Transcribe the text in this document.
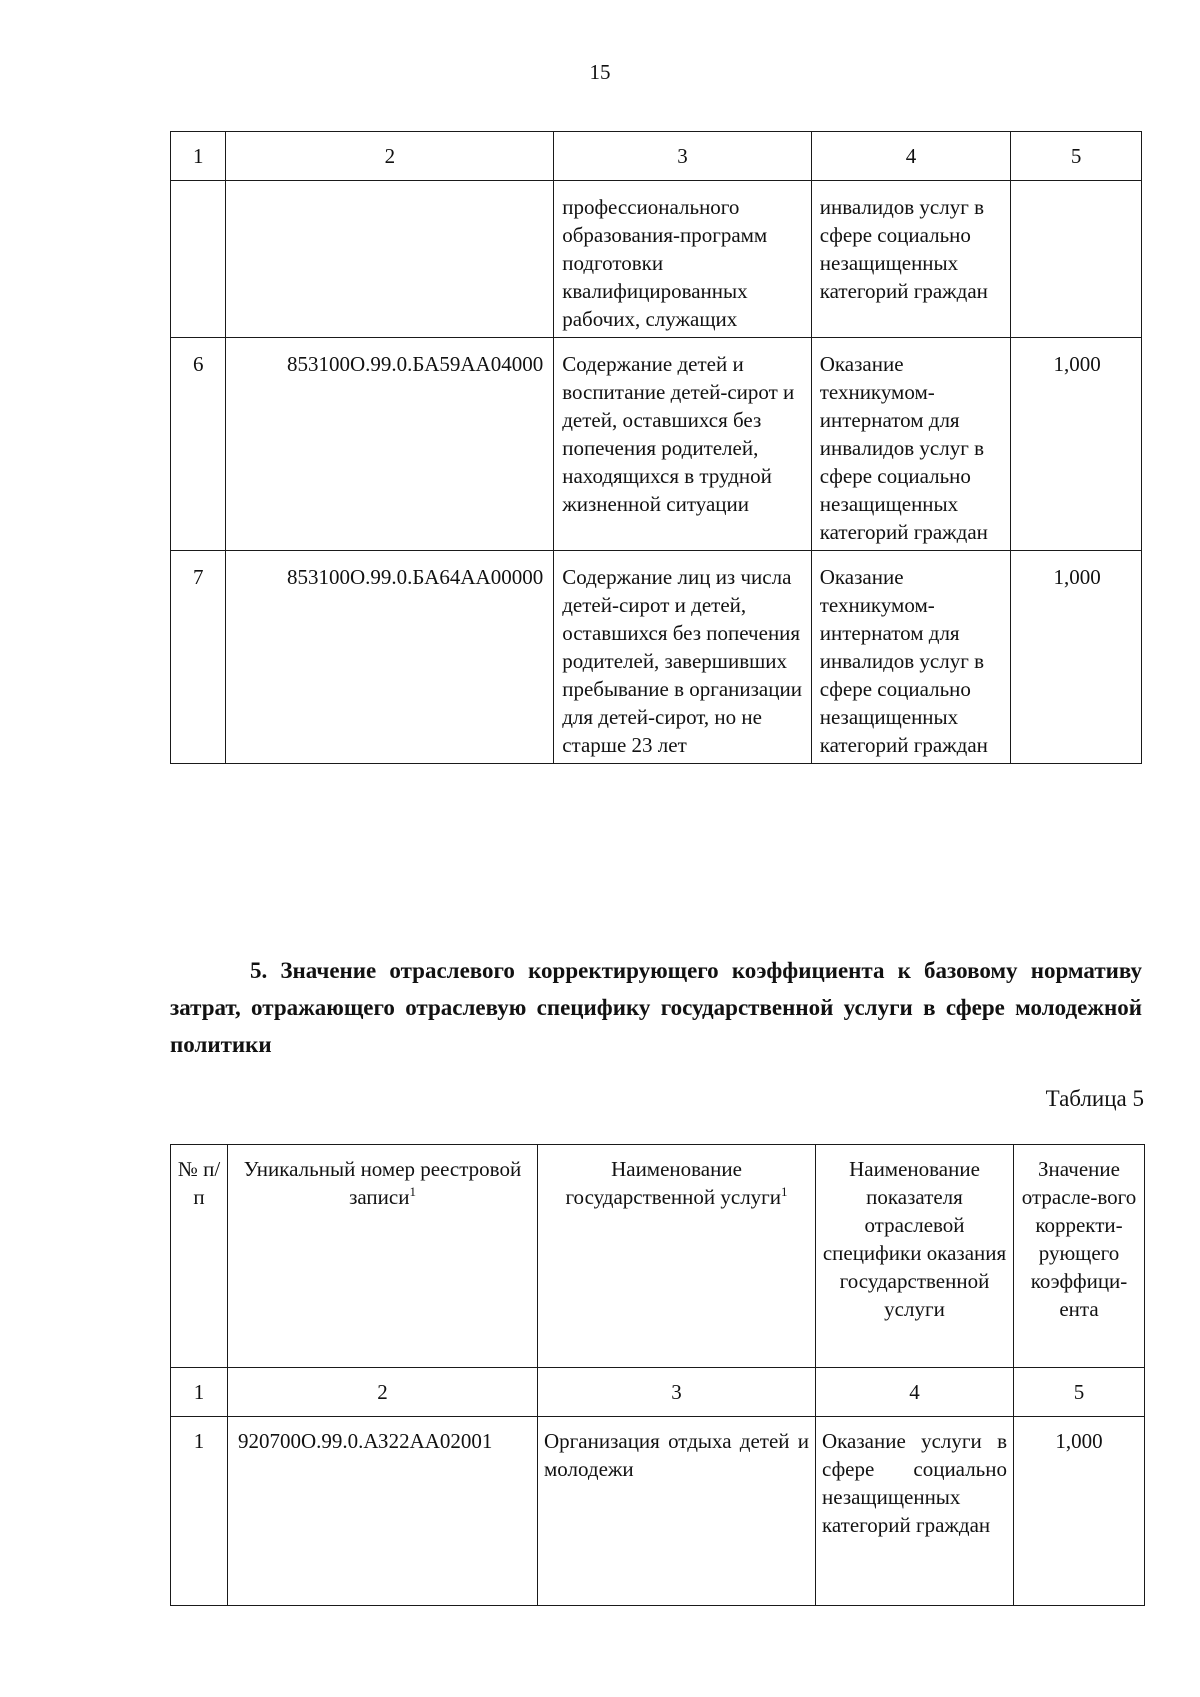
15
1	2	3	4	5
		профессионального образования-программ подготовки квалифицированных рабочих, служащих	инвалидов услуг в сфере социально незащищенных категорий граждан	
6	853100О.99.0.БА59АА04000	Содержание детей и воспитание детей-сирот и детей, оставшихся без попечения родителей, находящихся в трудной жизненной ситуации	Оказание техникумом-интернатом для инвалидов услуг в сфере социально незащищенных категорий граждан	1,000
7	853100О.99.0.БА64АА00000	Содержание лиц из числа детей-сирот и детей, оставшихся без попечения родителей, завершивших пребывание в организации для детей-сирот, но не старше 23 лет	Оказание техникумом-интернатом для инвалидов услуг в сфере социально незащищенных категорий граждан	1,000

5. Значение отраслевого корректирующего коэффициента к базовому нормативу затрат, отражающего отраслевую специфику государственной услуги в сфере молодежной политики

Таблица 5
№ п/п	Уникальный номер реестровой записи$^1$	Наименование государственной услуги$^1$	Наименование показателя отраслевой специфики оказания государственной услуги	Значение отрасле-вого корректи-рующего коэффици-ента
1	2	3	4	5
1	920700О.99.0.АЗ22АА02001	Организация отдыха детей и молодежи	Оказание услуги в сфере социально незащищенных категорий граждан	1,000
